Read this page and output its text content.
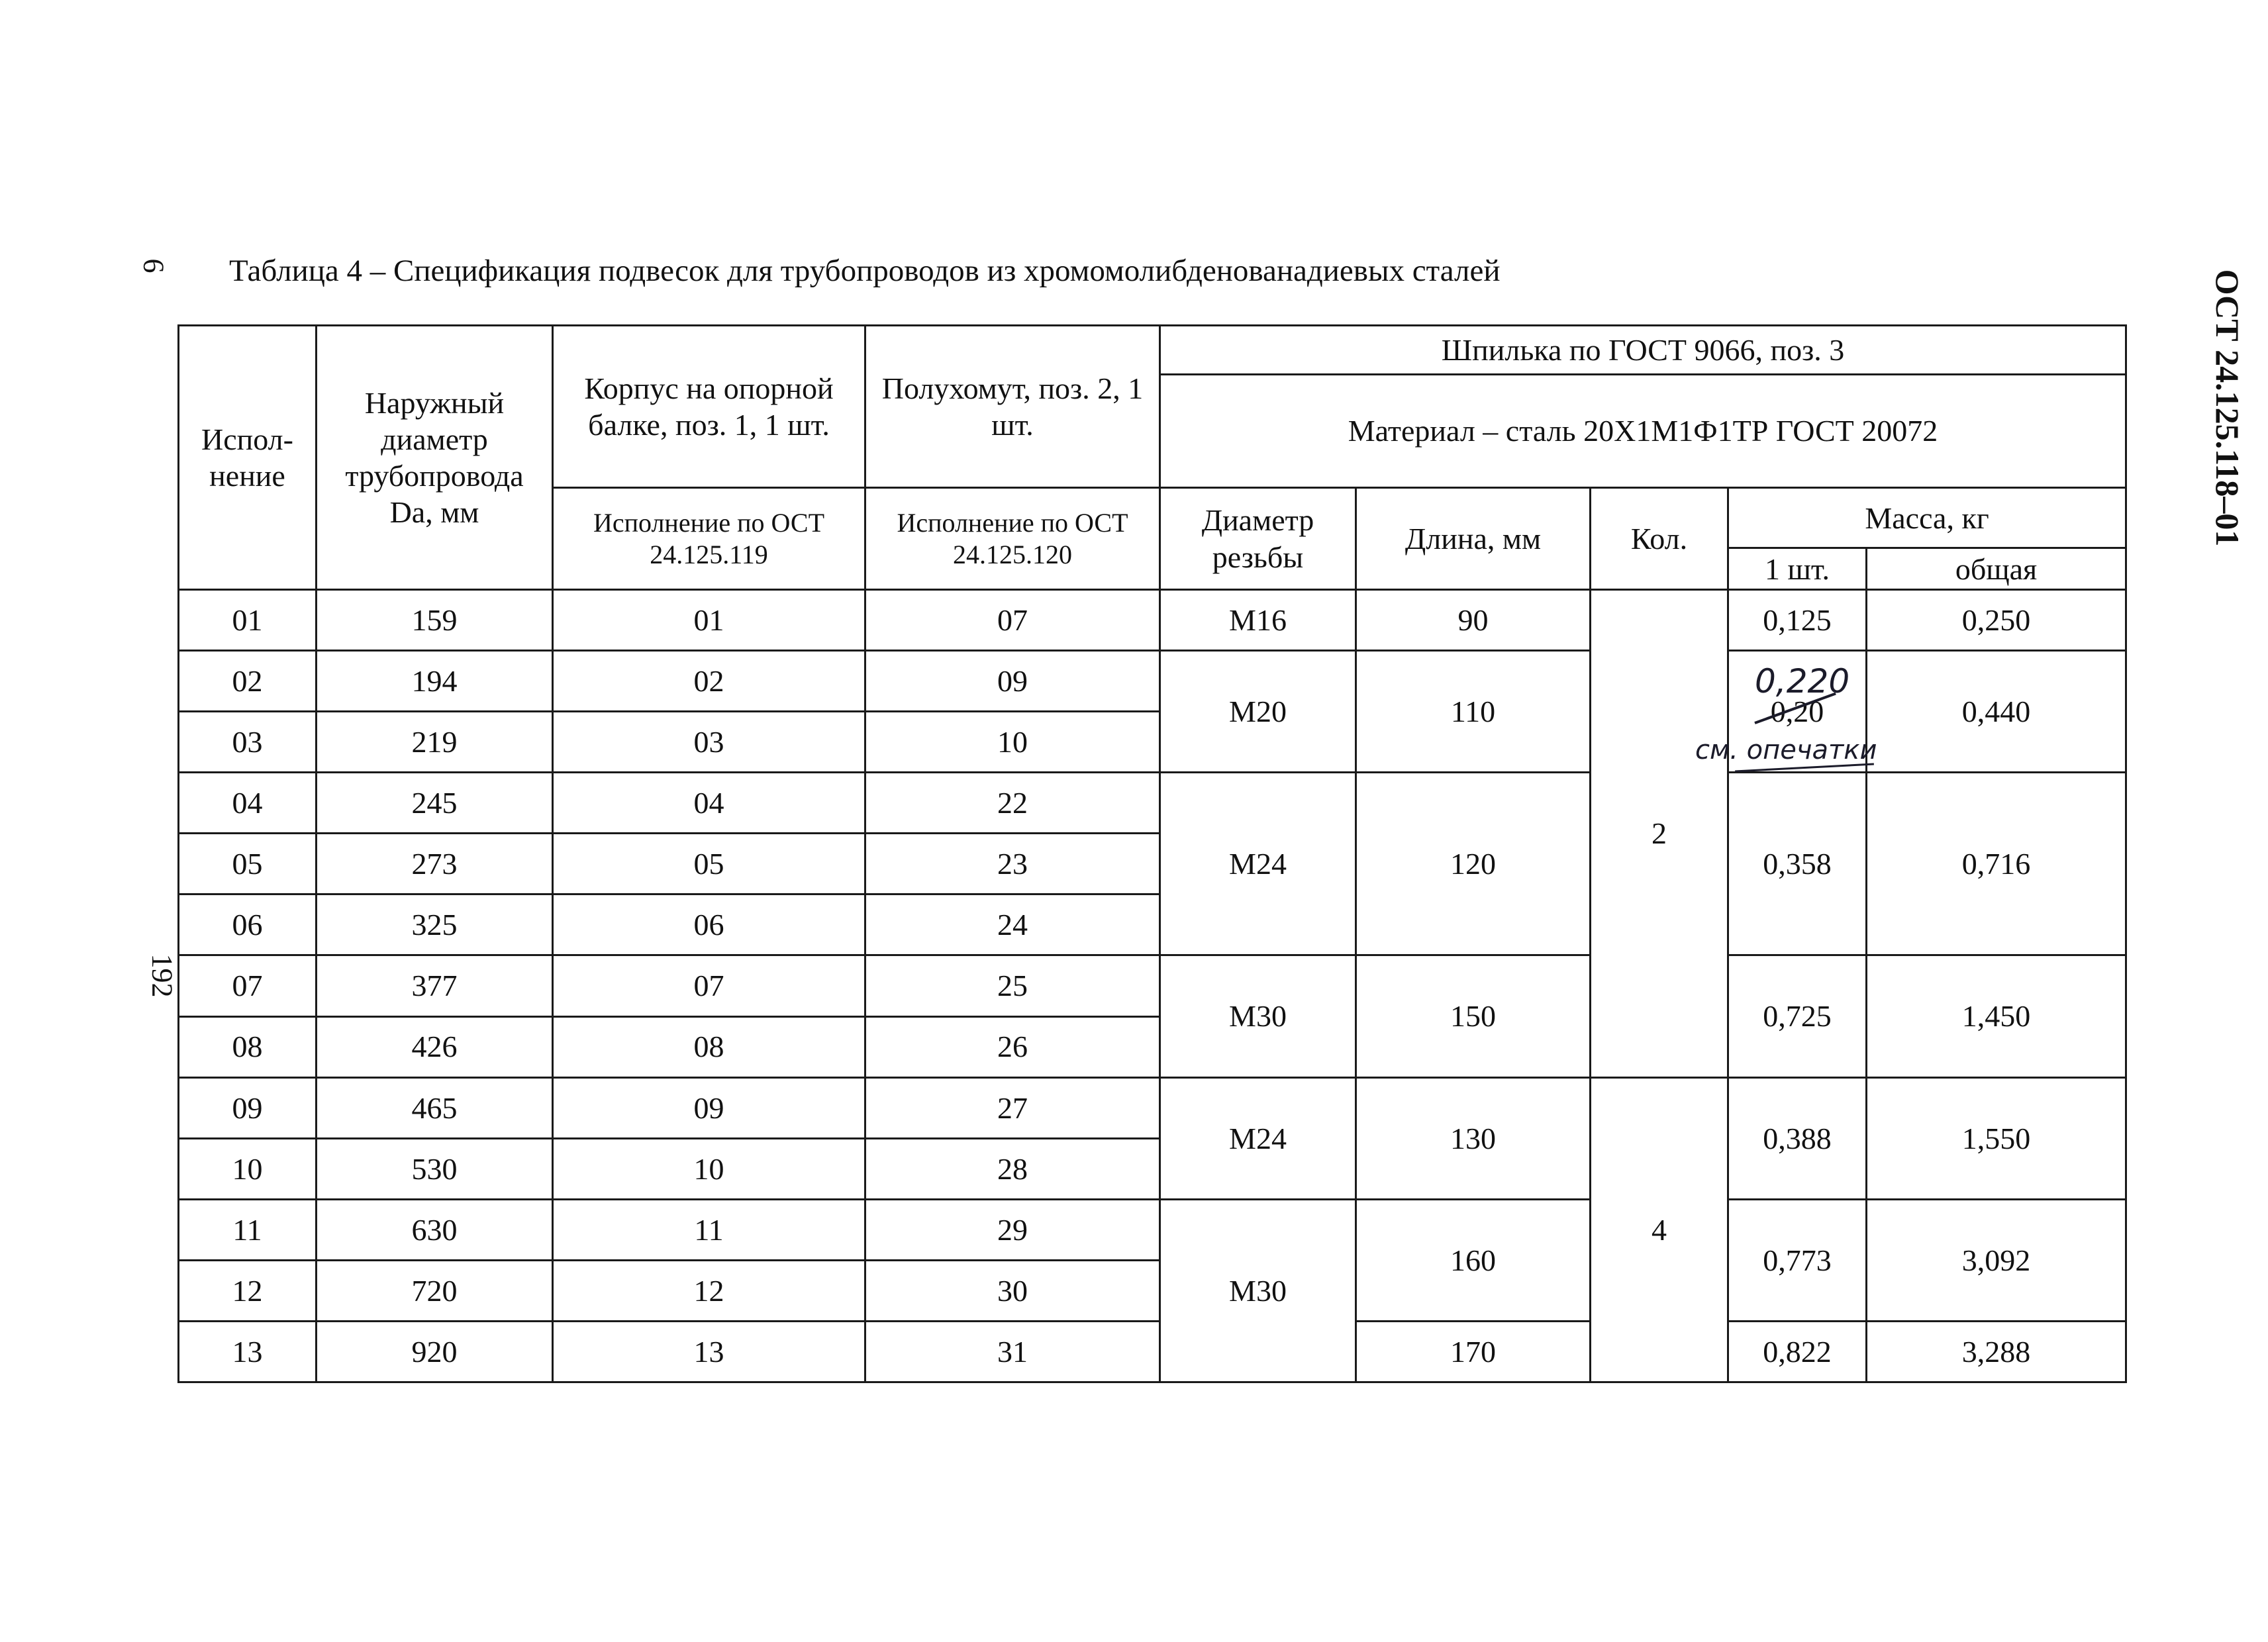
6 Таблица 4 – Спецификация подвесок для трубопроводов из хромомолибденованадиевых сталей	ОСТ 24.125.118–01
192
Испол-нение	Наружный диаметр трубопровода Da, мм	Корпус на опорной балке, поз. 1, 1 шт.	Полухомут, поз. 2, 1 шт.	Шпилька по ГОСТ 9066, поз. 3				
				Материал – сталь 20Х1М1Ф1ТР ГОСТ 20072				
		Исполнение по ОСТ 24.125.119	Исполнение по ОСТ 24.125.120	Диаметр резьбы	Длина, мм	Кол.	Масса, кг	
							1 шт.	общая
01	159	01	07	М16	90	2	0,125	0,250
02	194	02	09	М20	110		0,20	0,440
03	219	03	10					
04	245	04	22	М24	120		0,358	0,716
05	273	05	23					
06	325	06	24					
07	377	07	25	М30	150		0,725	1,450
08	426	08	26					
09	465	09	27	М24	130	4	0,388	1,550
10	530	10	28					
11	630	11	29	М30	160		0,773	3,092
12	720	12	30					
13	920	13	31		170		0,822	3,288
0,220
см. опечатки
